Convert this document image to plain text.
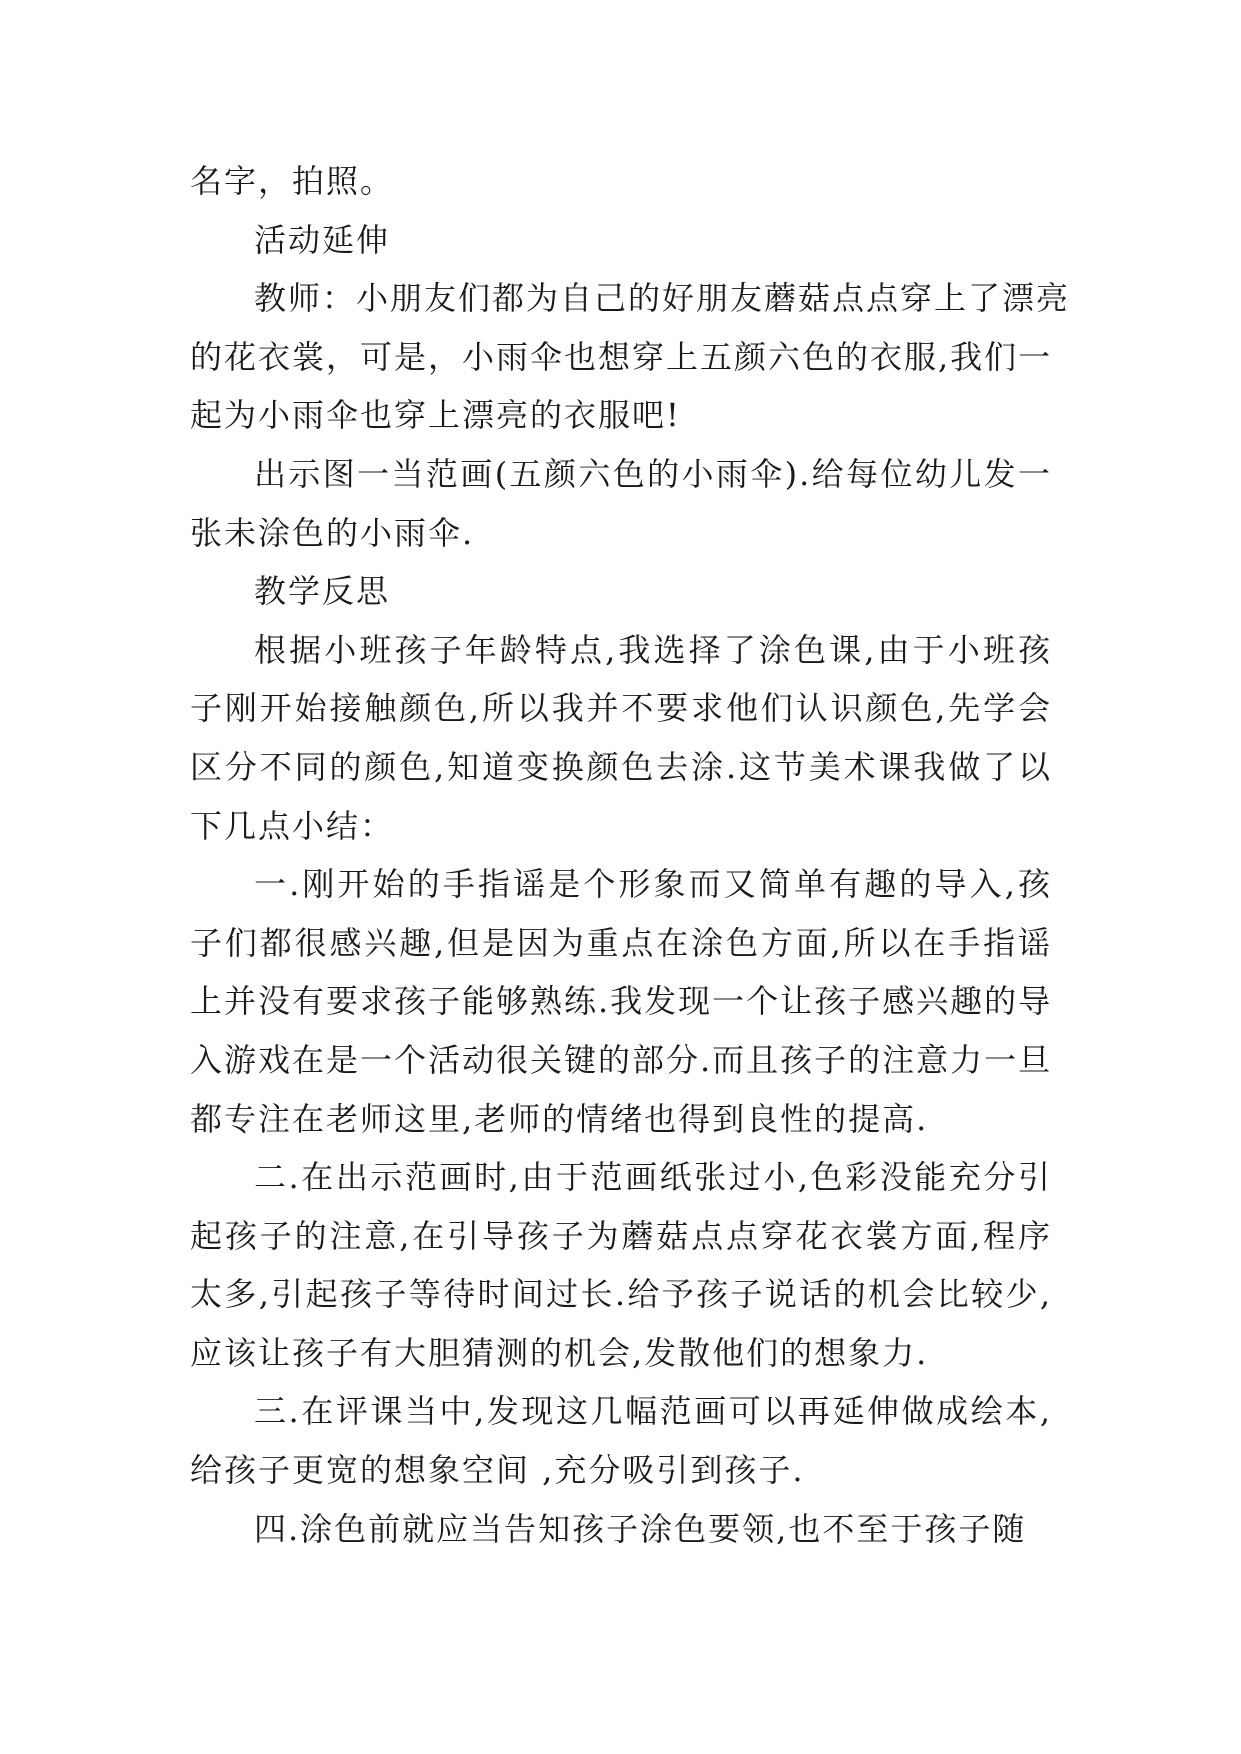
名字，拍照。
活动延伸
教师：小朋友们都为自己的好朋友蘑菇点点穿上了漂亮
的花衣裳，可是，小雨伞也想穿上五颜六色的衣服,我们一
起为小雨伞也穿上漂亮的衣服吧!
出示图一当范画(五颜六色的小雨伞).给每位幼儿发一
张未涂色的小雨伞.
教学反思
根据小班孩子年龄特点,我选择了涂色课,由于小班孩
子刚开始接触颜色,所以我并不要求他们认识颜色,先学会
区分不同的颜色,知道变换颜色去涂.这节美术课我做了以
下几点小结：
一.刚开始的手指谣是个形象而又简单有趣的导入,孩
子们都很感兴趣,但是因为重点在涂色方面,所以在手指谣
上并没有要求孩子能够熟练.我发现一个让孩子感兴趣的导
入游戏在是一个活动很关键的部分.而且孩子的注意力一旦
都专注在老师这里,老师的情绪也得到良性的提高.
二.在出示范画时,由于范画纸张过小,色彩没能充分引
起孩子的注意,在引导孩子为蘑菇点点穿花衣裳方面,程序
太多,引起孩子等待时间过长.给予孩子说话的机会比较少,
应该让孩子有大胆猜测的机会,发散他们的想象力.
三.在评课当中,发现这几幅范画可以再延伸做成绘本,
给孩子更宽的想象空间 ,充分吸引到孩子.
四.涂色前就应当告知孩子涂色要领,也不至于孩子随
